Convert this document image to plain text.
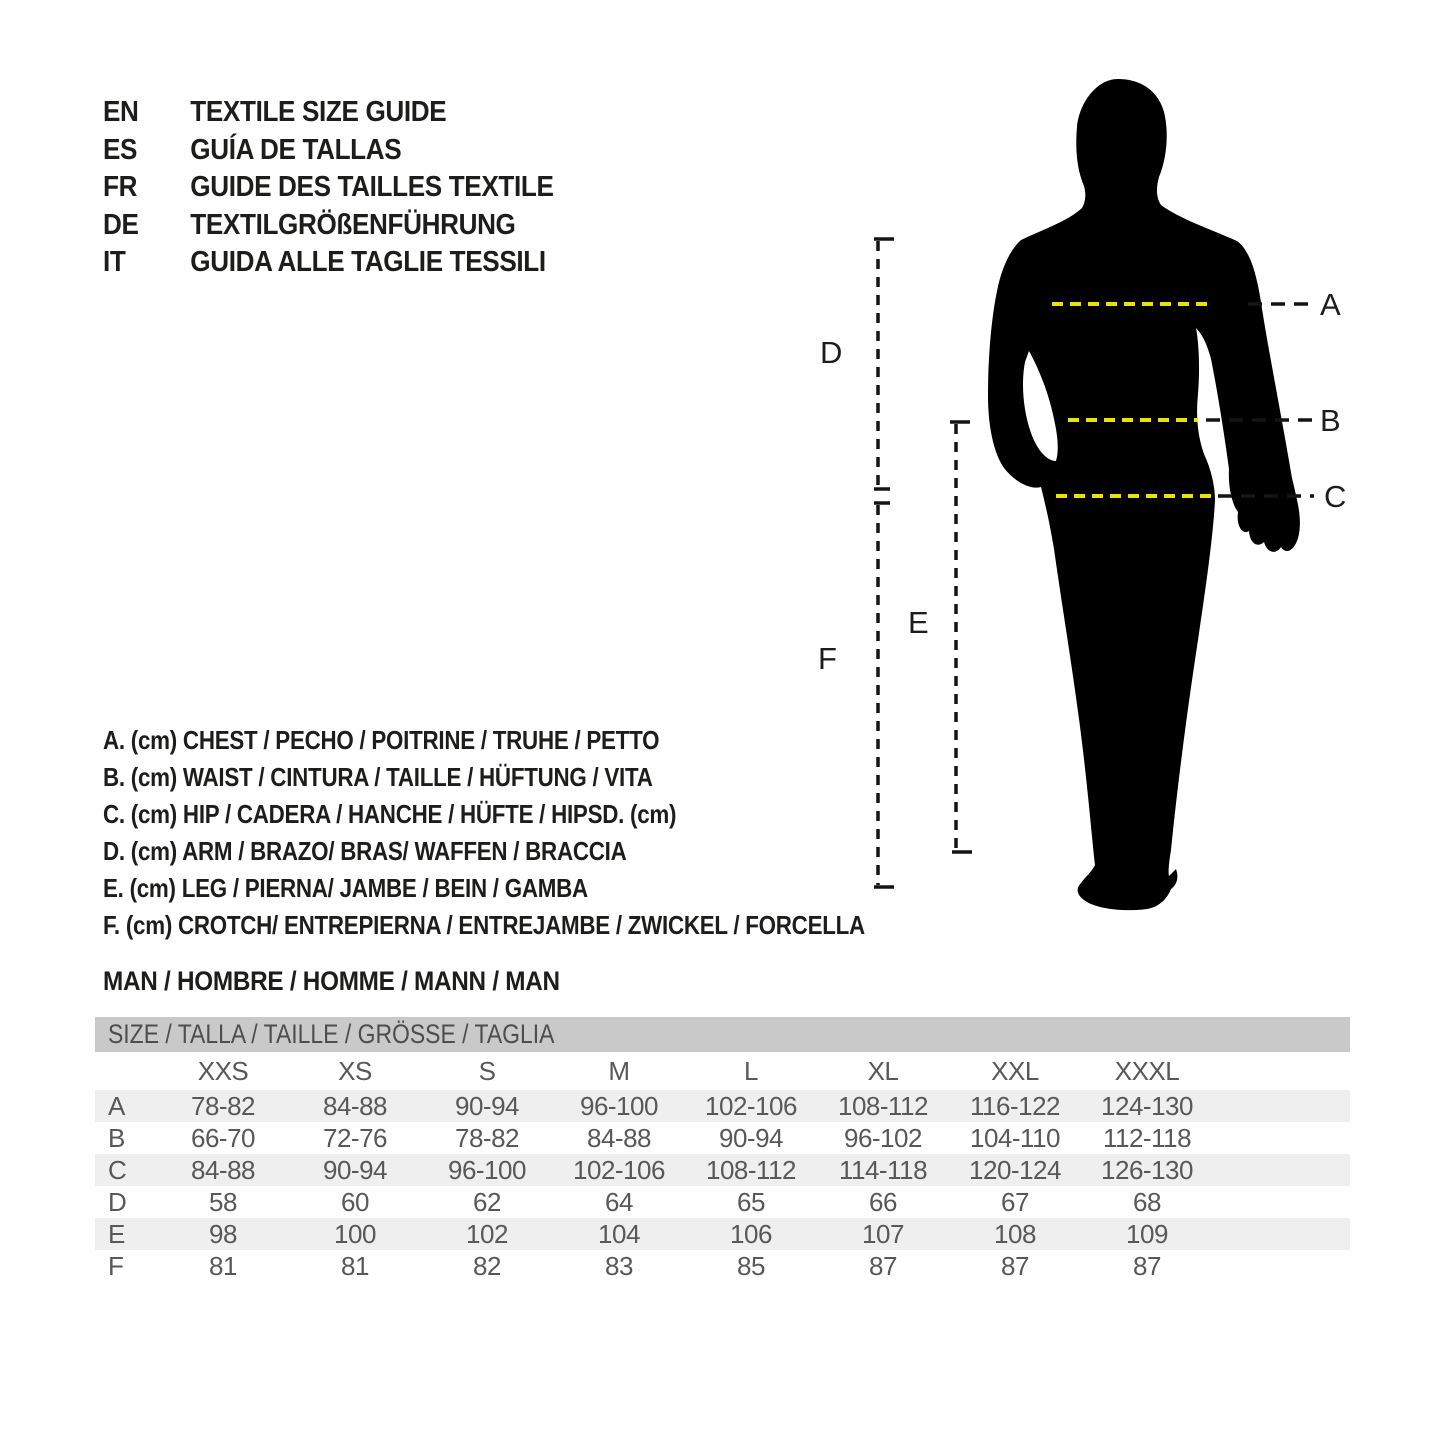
EN	TEXTILE SIZE GUIDE
ES	GUÍA DE TALLAS
FR	GUIDE DES TAILLES TEXTILE
DE	TEXTILGRÖßENFÜHRUNG
IT	GUIDA ALLE TAGLIE TESSILI
A
B
C
D
E
F
A. (cm) CHEST / PECHO / POITRINE / TRUHE / PETTO
B. (cm) WAIST / CINTURA / TAILLE / HÜFTUNG / VITA
C. (cm) HIP / CADERA / HANCHE / HÜFTE / HIPSD. (cm)
D. (cm) ARM / BRAZO/ BRAS/ WAFFEN / BRACCIA
E. (cm) LEG / PIERNA/ JAMBE / BEIN / GAMBA
F. (cm) CROTCH/ ENTREPIERNA / ENTREJAMBE / ZWICKEL / FORCELLA
MAN / HOMBRE / HOMME / MANN / MAN
SIZE / TALLA / TAILLE / GRÖSSE / TAGLIA
	XXS	XS	S	M	L	XL	XXL	XXXL	
A	78-82	84-88	90-94	96-100	102-106	108-112	116-122	124-130	
B	66-70	72-76	78-82	84-88	90-94	96-102	104-110	112-118	
C	84-88	90-94	96-100	102-106	108-112	114-118	120-124	126-130	
D	58	60	62	64	65	66	67	68	
E	98	100	102	104	106	107	108	109	
F	81	81	82	83	85	87	87	87	
